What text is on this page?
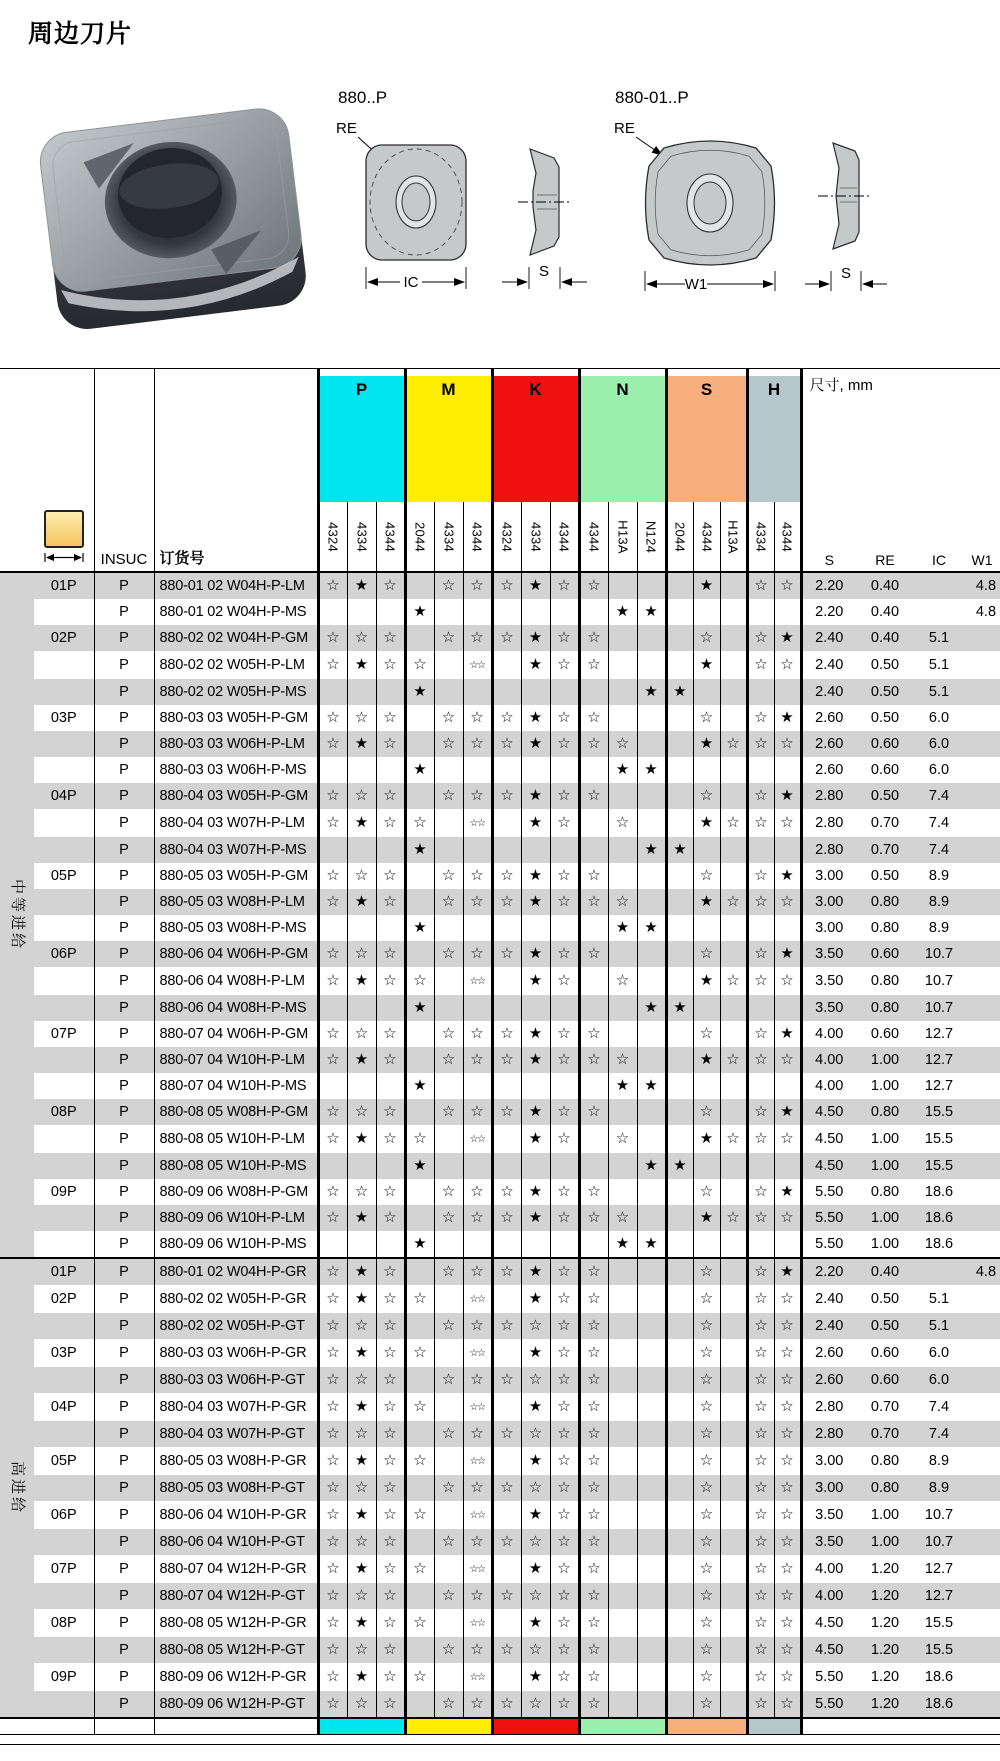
周边刀片
880..P
RE
IC
S
880-01..P
RE
W1
S

				P			M			K			N			S			H		尺寸, mm			
		INSUC	订货号	4324	4334	4344	2044	4334	4344	4324	4334	4344	4344	H13A	N124	2044	4344	H13A	4334	4344	S	RE	IC	W1

中等进给	01P	P	880-01 02 W04H-P-LM	☆	★	☆		☆	☆	☆	★	☆	☆				★		☆	☆	2.20	0.40		4.8
		P	880-01 02 W04H-P-MS				★							★	★						2.20	0.40		4.8
	02P	P	880-02 02 W04H-P-GM	☆	☆	☆		☆	☆	☆	★	☆	☆				☆		☆	★	2.40	0.40	5.1	
		P	880-02 02 W05H-P-LM	☆	★	☆	☆		☆☆		★	☆	☆				★		☆	☆	2.40	0.50	5.1	
		P	880-02 02 W05H-P-MS				★								★	★					2.40	0.50	5.1	
	03P	P	880-03 03 W05H-P-GM	☆	☆	☆		☆	☆	☆	★	☆	☆				☆		☆	★	2.60	0.50	6.0	
		P	880-03 03 W06H-P-LM	☆	★	☆		☆	☆	☆	★	☆	☆	☆			★	☆	☆	☆	2.60	0.60	6.0	
		P	880-03 03 W06H-P-MS				★							★	★						2.60	0.60	6.0	
	04P	P	880-04 03 W05H-P-GM	☆	☆	☆		☆	☆	☆	★	☆	☆				☆		☆	★	2.80	0.50	7.4	
		P	880-04 03 W07H-P-LM	☆	★	☆	☆		☆☆		★	☆		☆			★	☆	☆	☆	2.80	0.70	7.4	
		P	880-04 03 W07H-P-MS				★								★	★					2.80	0.70	7.4	
	05P	P	880-05 03 W05H-P-GM	☆	☆	☆		☆	☆	☆	★	☆	☆				☆		☆	★	3.00	0.50	8.9	
		P	880-05 03 W08H-P-LM	☆	★	☆		☆	☆	☆	★	☆	☆	☆			★	☆	☆	☆	3.00	0.80	8.9	
		P	880-05 03 W08H-P-MS				★							★	★						3.00	0.80	8.9	
	06P	P	880-06 04 W06H-P-GM	☆	☆	☆		☆	☆	☆	★	☆	☆				☆		☆	★	3.50	0.60	10.7	
		P	880-06 04 W08H-P-LM	☆	★	☆	☆		☆☆		★	☆		☆			★	☆	☆	☆	3.50	0.80	10.7	
		P	880-06 04 W08H-P-MS				★								★	★					3.50	0.80	10.7	
	07P	P	880-07 04 W06H-P-GM	☆	☆	☆		☆	☆	☆	★	☆	☆				☆		☆	★	4.00	0.60	12.7	
		P	880-07 04 W10H-P-LM	☆	★	☆		☆	☆	☆	★	☆	☆	☆			★	☆	☆	☆	4.00	1.00	12.7	
		P	880-07 04 W10H-P-MS				★							★	★						4.00	1.00	12.7	
	08P	P	880-08 05 W08H-P-GM	☆	☆	☆		☆	☆	☆	★	☆	☆				☆		☆	★	4.50	0.80	15.5	
		P	880-08 05 W10H-P-LM	☆	★	☆	☆		☆☆		★	☆		☆			★	☆	☆	☆	4.50	1.00	15.5	
		P	880-08 05 W10H-P-MS				★								★	★					4.50	1.00	15.5	
	09P	P	880-09 06 W08H-P-GM	☆	☆	☆		☆	☆	☆	★	☆	☆				☆		☆	★	5.50	0.80	18.6	
		P	880-09 06 W10H-P-LM	☆	★	☆		☆	☆	☆	★	☆	☆	☆			★	☆	☆	☆	5.50	1.00	18.6	
		P	880-09 06 W10H-P-MS				★							★	★						5.50	1.00	18.6	

高进给	01P	P	880-01 02 W04H-P-GR	☆	★	☆		☆	☆	☆	★	☆	☆				☆		☆	★	2.20	0.40		4.8
	02P	P	880-02 02 W05H-P-GR	☆	★	☆	☆		☆☆		★	☆	☆				☆		☆	☆	2.40	0.50	5.1	
		P	880-02 02 W05H-P-GT	☆	☆	☆		☆	☆	☆	☆	☆	☆				☆		☆	☆	2.40	0.50	5.1	
	03P	P	880-03 03 W06H-P-GR	☆	★	☆	☆		☆☆		★	☆	☆				☆		☆	☆	2.60	0.60	6.0	
		P	880-03 03 W06H-P-GT	☆	☆	☆		☆	☆	☆	☆	☆	☆				☆		☆	☆	2.60	0.60	6.0	
	04P	P	880-04 03 W07H-P-GR	☆	★	☆	☆		☆☆		★	☆	☆				☆		☆	☆	2.80	0.70	7.4	
		P	880-04 03 W07H-P-GT	☆	☆	☆		☆	☆	☆	☆	☆	☆				☆		☆	☆	2.80	0.70	7.4	
	05P	P	880-05 03 W08H-P-GR	☆	★	☆	☆		☆☆		★	☆	☆				☆		☆	☆	3.00	0.80	8.9	
		P	880-05 03 W08H-P-GT	☆	☆	☆		☆	☆	☆	☆	☆	☆				☆		☆	☆	3.00	0.80	8.9	
	06P	P	880-06 04 W10H-P-GR	☆	★	☆	☆		☆☆		★	☆	☆				☆		☆	☆	3.50	1.00	10.7	
		P	880-06 04 W10H-P-GT	☆	☆	☆		☆	☆	☆	☆	☆	☆				☆		☆	☆	3.50	1.00	10.7	
	07P	P	880-07 04 W12H-P-GR	☆	★	☆	☆		☆☆		★	☆	☆				☆		☆	☆	4.00	1.20	12.7	
		P	880-07 04 W12H-P-GT	☆	☆	☆		☆	☆	☆	☆	☆	☆				☆		☆	☆	4.00	1.20	12.7	
	08P	P	880-08 05 W12H-P-GR	☆	★	☆	☆		☆☆		★	☆	☆				☆		☆	☆	4.50	1.20	15.5	
		P	880-08 05 W12H-P-GT	☆	☆	☆		☆	☆	☆	☆	☆	☆				☆		☆	☆	4.50	1.20	15.5	
	09P	P	880-09 06 W12H-P-GR	☆	★	☆	☆		☆☆		★	☆	☆				☆		☆	☆	5.50	1.20	18.6	
		P	880-09 06 W12H-P-GT	☆	☆	☆		☆	☆	☆	☆	☆	☆				☆		☆	☆	5.50	1.20	18.6	
